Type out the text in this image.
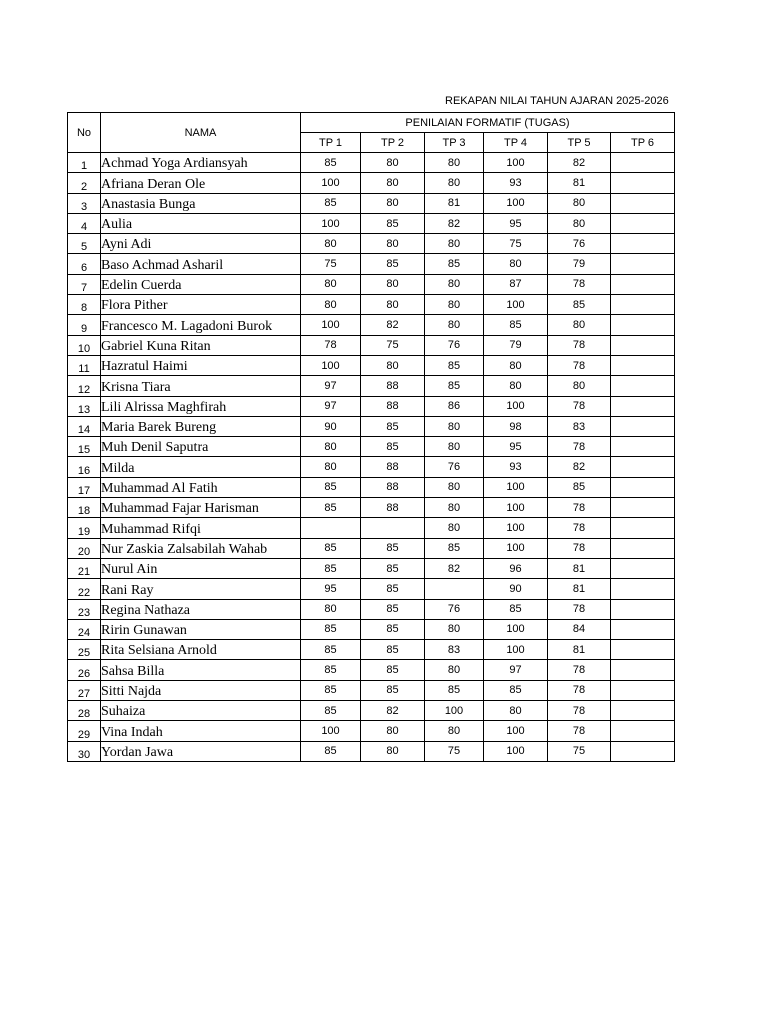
REKAPAN NILAI TAHUN AJARAN 2025-2026
No	NAMA	PENILAIAN FORMATIF (TUGAS)					
		TP 1	TP 2	TP 3	TP 4	TP 5	TP 6
1	Achmad Yoga Ardiansyah	85	80	80	100	82	
2	Afriana Deran Ole	100	80	80	93	81	
3	Anastasia Bunga	85	80	81	100	80	
4	Aulia	100	85	82	95	80	
5	Ayni Adi	80	80	80	75	76	
6	Baso Achmad Asharil	75	85	85	80	79	
7	Edelin Cuerda	80	80	80	87	78	
8	Flora Pither	80	80	80	100	85	
9	Francesco M. Lagadoni Burok	100	82	80	85	80	
10	Gabriel Kuna Ritan	78	75	76	79	78	
11	Hazratul Haimi	100	80	85	80	78	
12	Krisna Tiara	97	88	85	80	80	
13	Lili Alrissa Maghfirah	97	88	86	100	78	
14	Maria Barek Bureng	90	85	80	98	83	
15	Muh Denil Saputra	80	85	80	95	78	
16	Milda	80	88	76	93	82	
17	Muhammad Al Fatih	85	88	80	100	85	
18	Muhammad Fajar Harisman	85	88	80	100	78	
19	Muhammad Rifqi			80	100	78	
20	Nur Zaskia Zalsabilah Wahab	85	85	85	100	78	
21	Nurul Ain	85	85	82	96	81	
22	Rani Ray	95	85		90	81	
23	Regina Nathaza	80	85	76	85	78	
24	Ririn Gunawan	85	85	80	100	84	
25	Rita Selsiana Arnold	85	85	83	100	81	
26	Sahsa Billa	85	85	80	97	78	
27	Sitti Najda	85	85	85	85	78	
28	Suhaiza	85	82	100	80	78	
29	Vina Indah	100	80	80	100	78	
30	Yordan Jawa	85	80	75	100	75	
